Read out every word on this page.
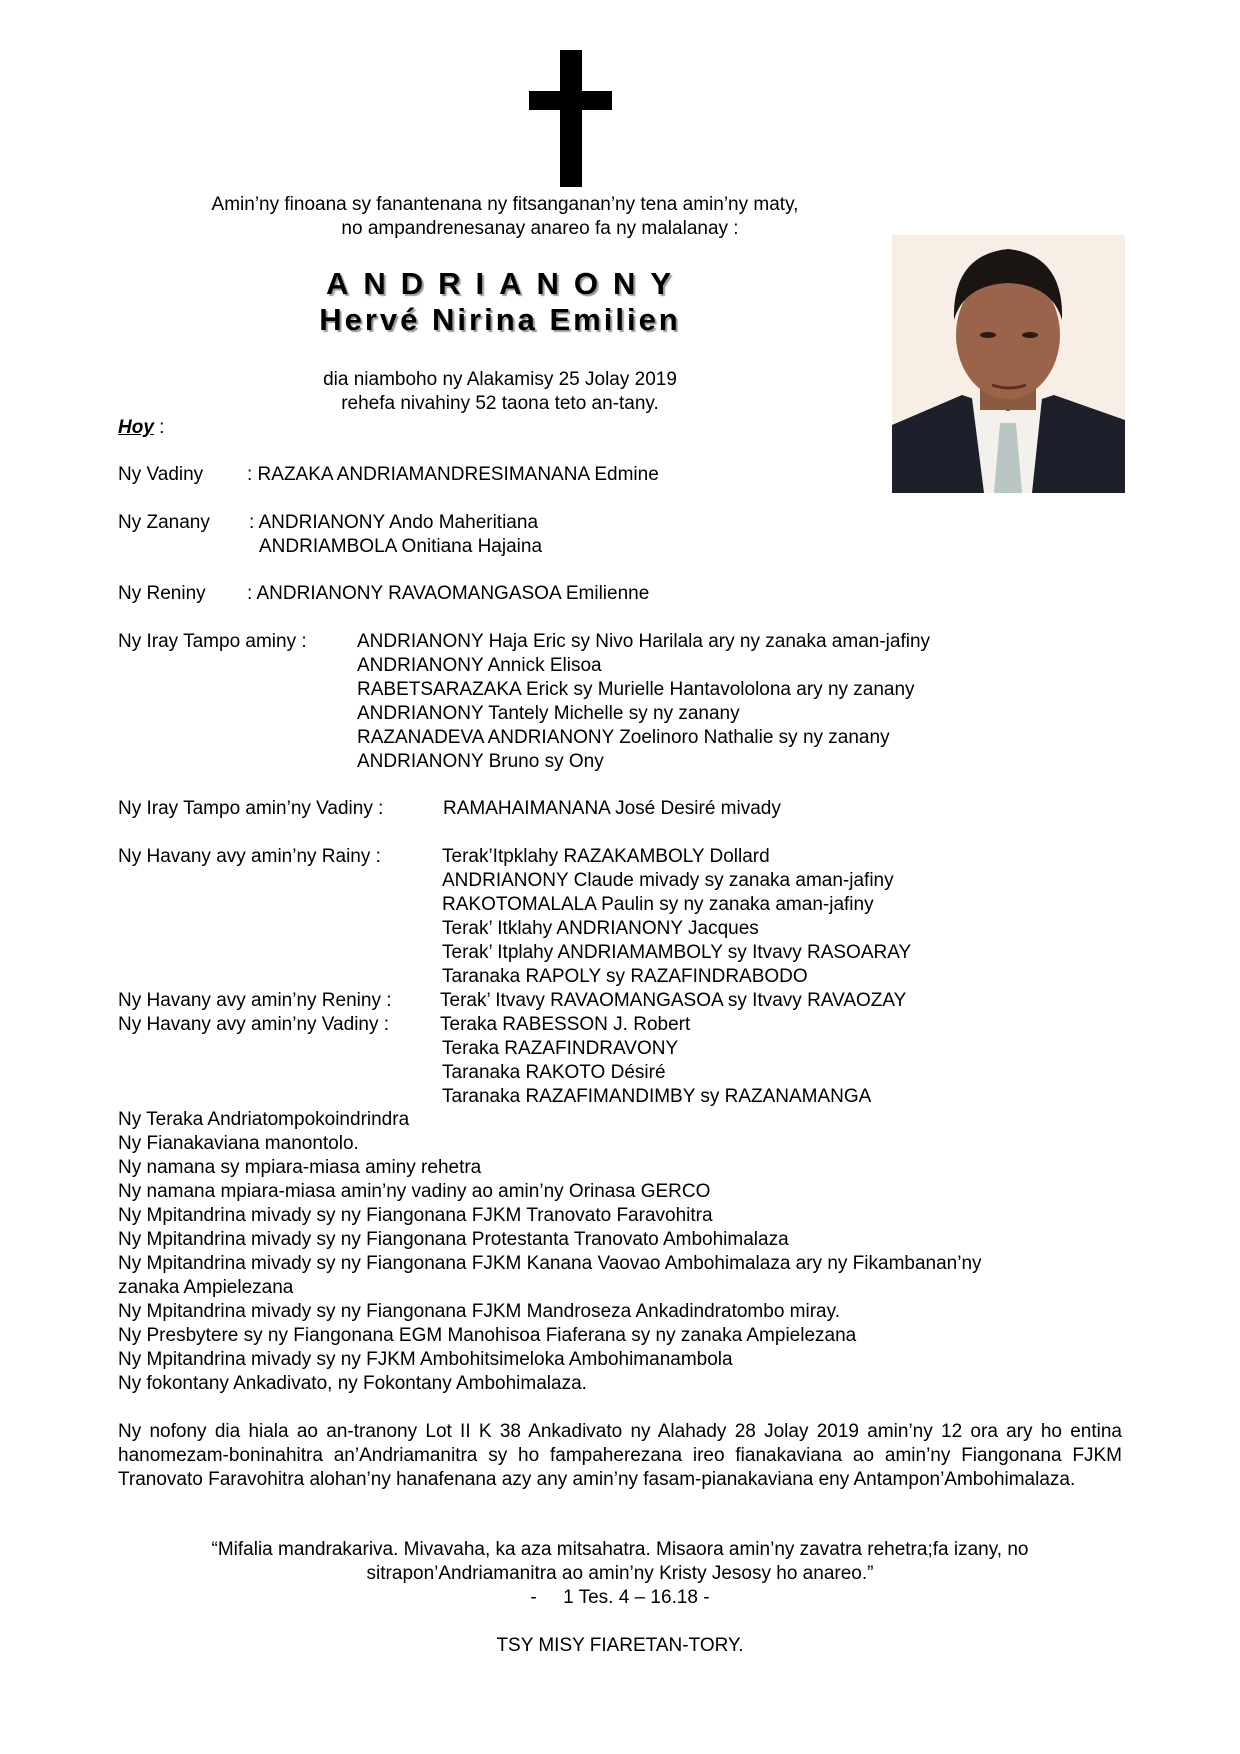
Amin’ny finoana sy fanantenana ny fitsanganan’ny tena amin’ny maty,
no ampandrenesanay anareo fa ny malalanay :
ANDRIANONY
Hervé Nirina Emilien
dia niamboho ny Alakamisy 25 Jolay 2019
rehefa nivahiny 52 taona teto an-tany.
Hoy :
Ny Vadiny : RAZAKA ANDRIAMANDRESIMANANA Edmine
Ny Zanany : ANDRIANONY Ando Maheritiana
ANDRIAMBOLA Onitiana Hajaina
Ny Reniny : ANDRIANONY RAVAOMANGASOA Emilienne
Ny Iray Tampo aminy :	ANDRIANONY Haja Eric sy Nivo Harilala ary ny zanaka aman-jafiny
ANDRIANONY Annick Elisoa
RABETSARAZAKA Erick sy Murielle Hantavololona ary ny zanany
ANDRIANONY Tantely Michelle sy ny zanany
RAZANADEVA ANDRIANONY Zoelinoro Nathalie sy ny zanany
ANDRIANONY Bruno sy Ony
Ny Iray Tampo amin’ny Vadiny :	RAMAHAIMANANA José Desiré mivady
Ny Havany avy amin’ny Rainy :	Terak’Itpklahy RAZAKAMBOLY Dollard
ANDRIANONY Claude mivady sy zanaka aman-jafiny
RAKOTOMALALA Paulin sy ny zanaka aman-jafiny
Terak’ Itklahy ANDRIANONY Jacques
Terak’ Itplahy ANDRIAMAMBOLY sy Itvavy RASOARAY
Taranaka RAPOLY sy RAZAFINDRABODO
Ny Havany avy amin’ny Reniny :	Terak’ Itvavy RAVAOMANGASOA sy Itvavy RAVAOZAY
Ny Havany avy amin’ny Vadiny :	Teraka RABESSON J. Robert
Teraka RAZAFINDRAVONY
Taranaka RAKOTO Désiré
Taranaka RAZAFIMANDIMBY sy RAZANAMANGA
Ny Teraka Andriatompokoindrindra
Ny Fianakaviana manontolo.
Ny namana sy mpiara-miasa aminy rehetra
Ny namana mpiara-miasa amin’ny vadiny ao amin’ny Orinasa GERCO
Ny Mpitandrina mivady sy ny Fiangonana FJKM Tranovato Faravohitra
Ny Mpitandrina mivady sy ny Fiangonana Protestanta Tranovato Ambohimalaza
Ny Mpitandrina mivady sy ny Fiangonana FJKM Kanana Vaovao Ambohimalaza ary ny Fikambanan’ny
zanaka Ampielezana
Ny Mpitandrina mivady sy ny Fiangonana FJKM Mandroseza Ankadindratombo miray.
Ny Presbytere sy ny Fiangonana EGM Manohisoa Fiaferana sy ny zanaka Ampielezana
Ny Mpitandrina mivady sy ny FJKM Ambohitsimeloka Ambohimanambola
Ny fokontany Ankadivato, ny Fokontany Ambohimalaza.
Ny nofony dia hiala ao an-tranony Lot II K 38 Ankadivato ny Alahady 28 Jolay 2019 amin’ny 12 ora ary ho entina hanomezam-boninahitra an’Andriamanitra sy ho fampaherezana ireo fianakaviana ao amin’ny Fiangonana FJKM Tranovato Faravohitra alohan’ny hanafenana azy any amin’ny fasam-pianakaviana eny Antampon’Ambohimalaza.
“Mifalia mandrakariva. Mivavaha, ka aza mitsahatra. Misaora amin’ny zavatra rehetra;fa izany, no
sitrapon’Andriamanitra ao amin’ny Kristy Jesosy ho anareo.”
-     1 Tes. 4 – 16.18 -
TSY MISY FIARETAN-TORY.
